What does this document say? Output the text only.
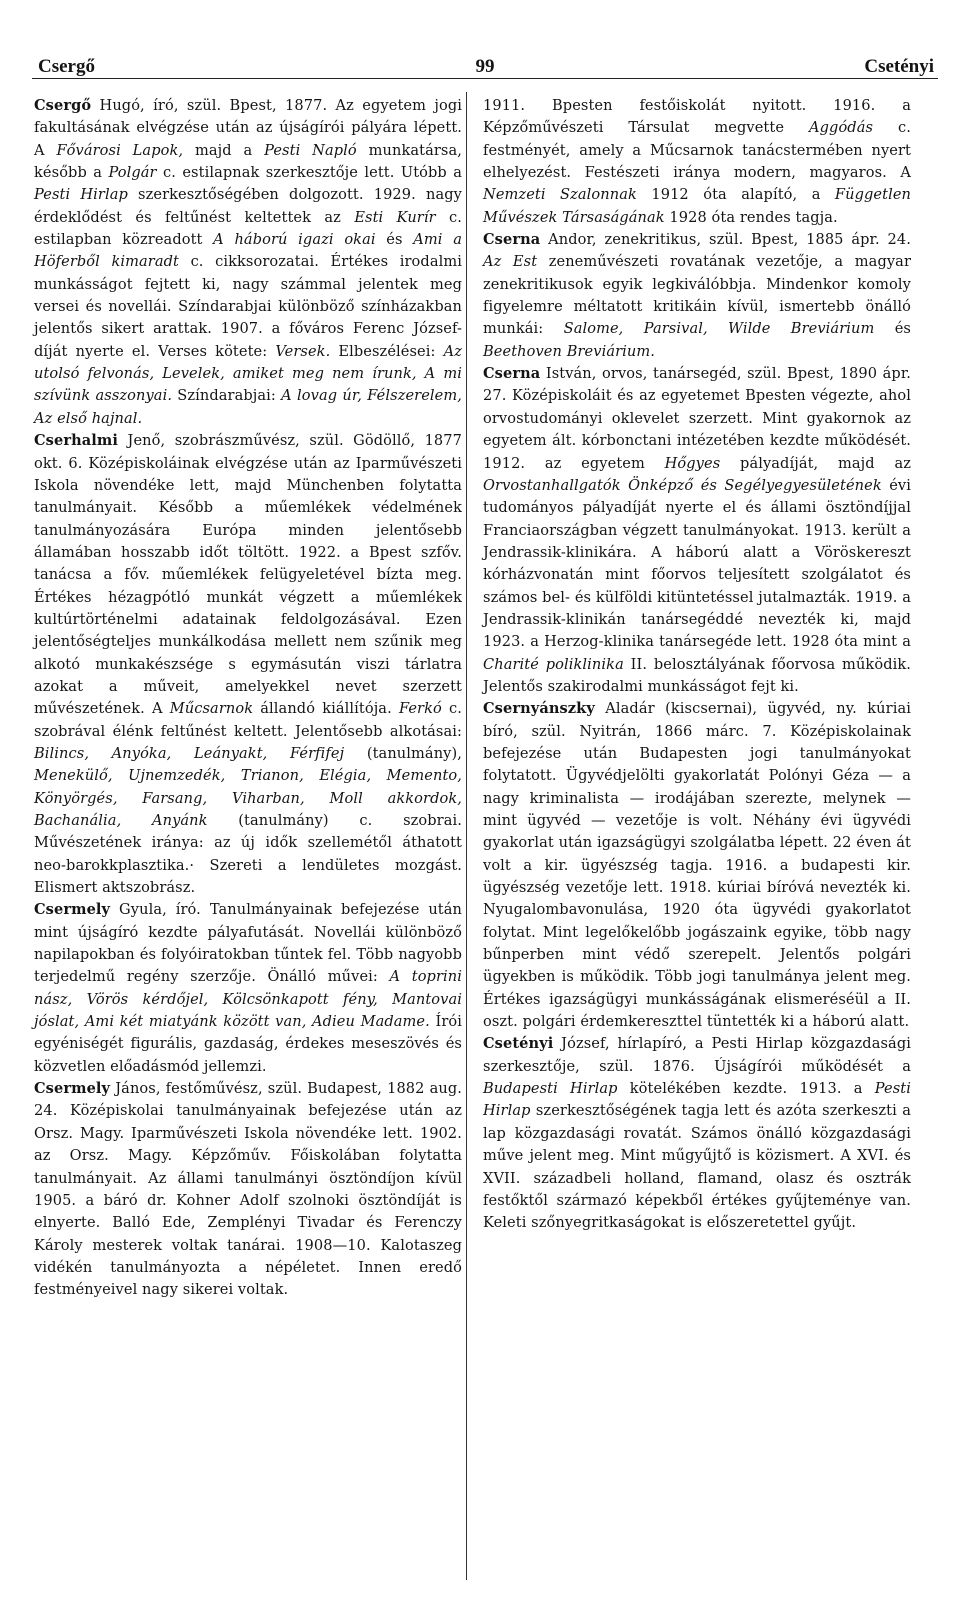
Csergő	99	Csetényi

Csergő Hugó, író, szül. Bpest, 1877. Az egyetem jogi fakultásának elvégzése után az újságírói pályára lépett. A Fővárosi Lapok, majd a Pesti Napló munkatársa, később a Polgár c. estilapnak szerkesztője lett. Utóbb a Pesti Hirlap szerkesztőségében dolgozott. 1929. nagy érdeklődést és feltűnést keltettek az Esti Kurír c. estilapban közreadott A háború igazi okai és Ami a Höferből kimaradt c. cikksorozatai. Értékes irodalmi munkásságot fejtett ki, nagy számmal jelentek meg versei és novellái. Színdarabjai különböző színházakban jelentős sikert arattak. 1907. a főváros Ferenc József-díját nyerte el. Verses kötete: Versek. Elbeszélései: Az utolsó felvonás, Levelek, amiket meg nem írunk, A mi szívünk asszonyai. Színdarabjai: A lovag úr, Félszerelem, Az első hajnal.

Cserhalmi Jenő, szobrászművész, szül. Gödöllő, 1877 okt. 6. Középiskoláinak elvégzése után az Iparművészeti Iskola növendéke lett, majd Münchenben folytatta tanulmányait. Később a műemlékek védelmének tanulmányozására Európa minden jelentősebb államában hosszabb időt töltött. 1922. a Bpest szfőv. tanácsa a főv. műemlékek felügyeletével bízta meg. Értékes hézagpótló munkát végzett a műemlékek kultúrtörténelmi adatainak feldolgozásával. Ezen jelentőségteljes munkálkodása mellett nem szűnik meg alkotó munkakészsége s egymásután viszi tárlatra azokat a műveit, amelyekkel nevet szerzett művészetének. A Műcsarnok állandó kiállítója. Ferkó c. szobrával élénk feltűnést keltett. Jelentősebb alkotásai: Bilincs, Anyóka, Leányakt, Férfifej (tanulmány), Menekülő, Ujnemzedék, Trianon, Elégia, Memento, Könyörgés, Farsang, Viharban, Moll akkordok, Bachanália, Anyánk (tanulmány) c. szobrai. Művészetének iránya: az új idők szellemétől áthatott neo-barokkplasztika.· Szereti a lendületes mozgást. Elismert aktszobrász.

Csermely Gyula, író. Tanulmányainak befejezése után mint újságíró kezdte pályafutását. Novellái különböző napilapokban és folyóiratokban tűntek fel. Több nagyobb terjedelmű regény szerzője. Önálló művei: A toprini nász, Vörös kérdőjel, Kölcsönkapott fény, Mantovai jóslat, Ami két miatyánk között van, Adieu Madame. Írói egyéniségét figurális, gazdaság, érdekes meseszövés és közvetlen előadásmód jellemzi.

Csermely János, festőművész, szül. Budapest, 1882 aug. 24. Középiskolai tanulmányainak befejezése után az Orsz. Magy. Iparművészeti Iskola növendéke lett. 1902. az Orsz. Magy. Képzőműv. Főiskolában folytatta tanulmányait. Az állami tanulmányi ösztöndíjon kívül 1905. a báró dr. Kohner Adolf szolnoki ösztöndíját is elnyerte. Balló Ede, Zemplényi Tivadar és Ferenczy Károly mesterek voltak tanárai. 1908—10. Kalotaszeg vidékén tanulmányozta a népéletet. Innen eredő festményeivel nagy sikerei voltak.

1911. Bpesten festőiskolát nyitott. 1916. a Képzőművészeti Társulat megvette Aggódás c. festményét, amely a Műcsarnok tanácstermében nyert elhelyezést. Festészeti iránya modern, magyaros. A Nemzeti Szalonnak 1912 óta alapító, a Független Művészek Társaságának 1928 óta rendes tagja.

Cserna Andor, zenekritikus, szül. Bpest, 1885 ápr. 24. Az Est zeneművészeti rovatának vezetője, a magyar zenekritikusok egyik legkiválóbbja. Mindenkor komoly figyelemre méltatott kritikáin kívül, ismertebb önálló munkái: Salome, Parsival, Wilde Breviárium és Beethoven Breviárium.

Cserna István, orvos, tanársegéd, szül. Bpest, 1890 ápr. 27. Középiskoláit és az egyetemet Bpesten végezte, ahol orvostudományi oklevelet szerzett. Mint gyakornok az egyetem ált. kórbonctani intézetében kezdte működését. 1912. az egyetem Hőgyes pályadíját, majd az Orvostanhallgatók Önképző és Segélyegyesületének évi tudományos pályadíját nyerte el és állami ösztöndíjjal Franciaországban végzett tanulmányokat. 1913. került a Jendrassik-klinikára. A háború alatt a Vöröskereszt kórházvonatán mint főorvos teljesített szolgálatot és számos bel- és külföldi kitüntetéssel jutalmazták. 1919. a Jendrassik-klinikán tanársegéddé nevezték ki, majd 1923. a Herzog-klinika tanársegéde lett. 1928 óta mint a Charité poliklinika II. belosztályának főorvosa működik. Jelentős szakirodalmi munkásságot fejt ki.

Csernyánszky Aladár (kiscsernai), ügyvéd, ny. kúriai bíró, szül. Nyitrán, 1866 márc. 7. Középiskolainak befejezése után Budapesten jogi tanulmányokat folytatott. Ügyvédjelölti gyakorlatát Polónyi Géza — a nagy kriminalista — irodájában szerezte, melynek — mint ügyvéd — vezetője is volt. Néhány évi ügyvédi gyakorlat után igazságügyi szolgálatba lépett. 22 éven át volt a kir. ügyészség tagja. 1916. a budapesti kir. ügyészség vezetője lett. 1918. kúriai bíróvá nevezték ki. Nyugalombavonulása, 1920 óta ügyvédi gyakorlatot folytat. Mint legelőkelőbb jogászaink egyike, több nagy bűnperben mint védő szerepelt. Jelentős polgári ügyekben is működik. Több jogi tanulmánya jelent meg. Értékes igazságügyi munkásságának elismeréséül a II. oszt. polgári érdemkereszttel tüntették ki a háború alatt.

Csetényi József, hírlapíró, a Pesti Hirlap közgazdasági szerkesztője, szül. 1876. Újságírói működését a Budapesti Hirlap kötelékében kezdte. 1913. a Pesti Hirlap szerkesztőségének tagja lett és azóta szerkeszti a lap közgazdasági rovatát. Számos önálló közgazdasági műve jelent meg. Mint műgyűjtő is közismert. A XVI. és XVII. századbeli holland, flamand, olasz és osztrák festőktől származó képekből értékes gyűjteménye van. Keleti szőnyegritkaságokat is előszeretettel gyűjt.
